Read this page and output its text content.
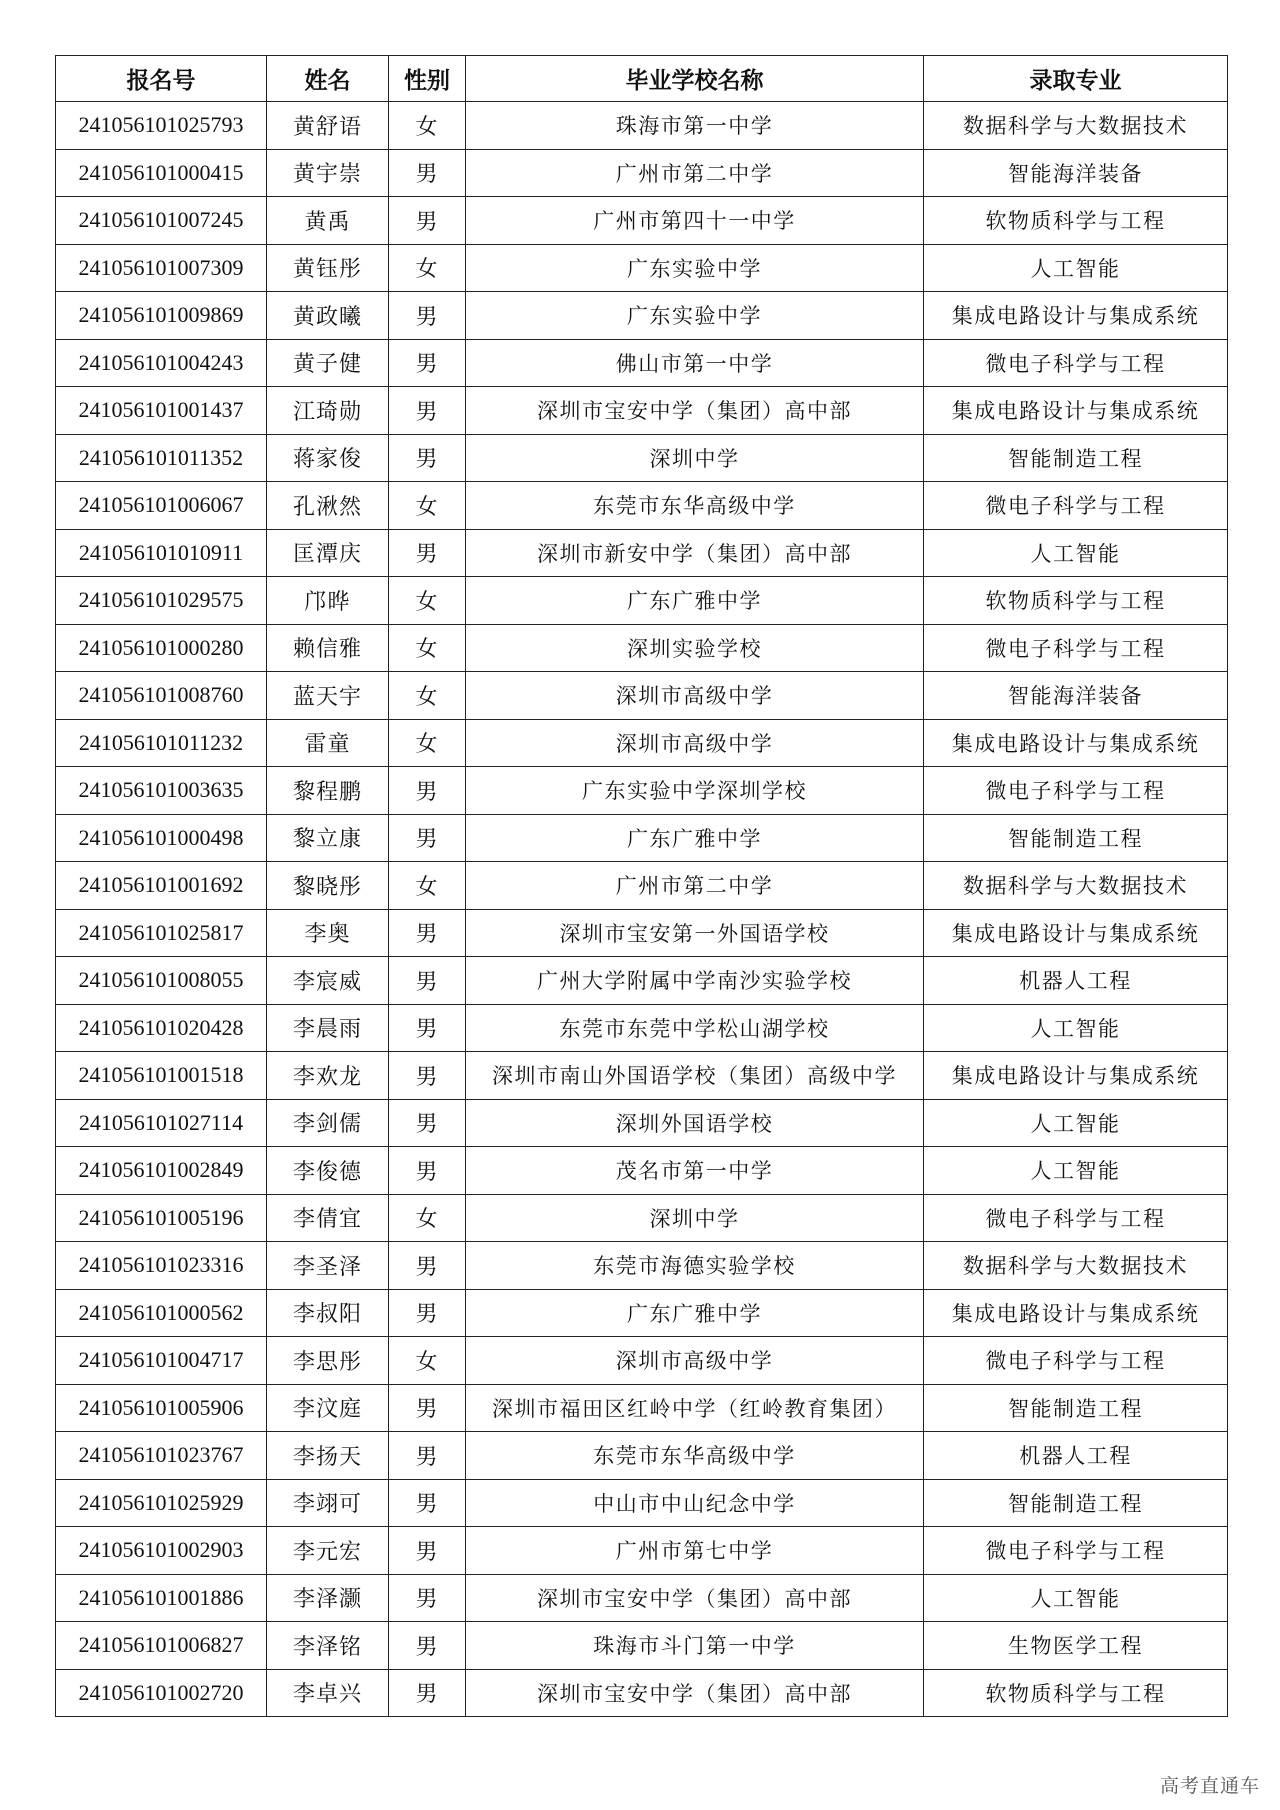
报名号	姓名	性别	毕业学校名称	录取专业
241056101025793	黄舒语	女	珠海市第一中学	数据科学与大数据技术
241056101000415	黄宇崇	男	广州市第二中学	智能海洋装备
241056101007245	黄禹	男	广州市第四十一中学	软物质科学与工程
241056101007309	黄钰彤	女	广东实验中学	人工智能
241056101009869	黄政曦	男	广东实验中学	集成电路设计与集成系统
241056101004243	黄子健	男	佛山市第一中学	微电子科学与工程
241056101001437	江琦勋	男	深圳市宝安中学（集团）高中部	集成电路设计与集成系统
241056101011352	蒋家俊	男	深圳中学	智能制造工程
241056101006067	孔湫然	女	东莞市东华高级中学	微电子科学与工程
241056101010911	匡潭庆	男	深圳市新安中学（集团）高中部	人工智能
241056101029575	邝晔	女	广东广雅中学	软物质科学与工程
241056101000280	赖信雅	女	深圳实验学校	微电子科学与工程
241056101008760	蓝天宇	女	深圳市高级中学	智能海洋装备
241056101011232	雷童	女	深圳市高级中学	集成电路设计与集成系统
241056101003635	黎程鹏	男	广东实验中学深圳学校	微电子科学与工程
241056101000498	黎立康	男	广东广雅中学	智能制造工程
241056101001692	黎晓彤	女	广州市第二中学	数据科学与大数据技术
241056101025817	李奥	男	深圳市宝安第一外国语学校	集成电路设计与集成系统
241056101008055	李宸威	男	广州大学附属中学南沙实验学校	机器人工程
241056101020428	李晨雨	男	东莞市东莞中学松山湖学校	人工智能
241056101001518	李欢龙	男	深圳市南山外国语学校（集团）高级中学	集成电路设计与集成系统
241056101027114	李剑儒	男	深圳外国语学校	人工智能
241056101002849	李俊德	男	茂名市第一中学	人工智能
241056101005196	李倩宜	女	深圳中学	微电子科学与工程
241056101023316	李圣泽	男	东莞市海德实验学校	数据科学与大数据技术
241056101000562	李叔阳	男	广东广雅中学	集成电路设计与集成系统
241056101004717	李思彤	女	深圳市高级中学	微电子科学与工程
241056101005906	李汶庭	男	深圳市福田区红岭中学（红岭教育集团）	智能制造工程
241056101023767	李扬天	男	东莞市东华高级中学	机器人工程
241056101025929	李翊可	男	中山市中山纪念中学	智能制造工程
241056101002903	李元宏	男	广州市第七中学	微电子科学与工程
241056101001886	李泽灏	男	深圳市宝安中学（集团）高中部	人工智能
241056101006827	李泽铭	男	珠海市斗门第一中学	生物医学工程
241056101002720	李卓兴	男	深圳市宝安中学（集团）高中部	软物质科学与工程
高考直通车
